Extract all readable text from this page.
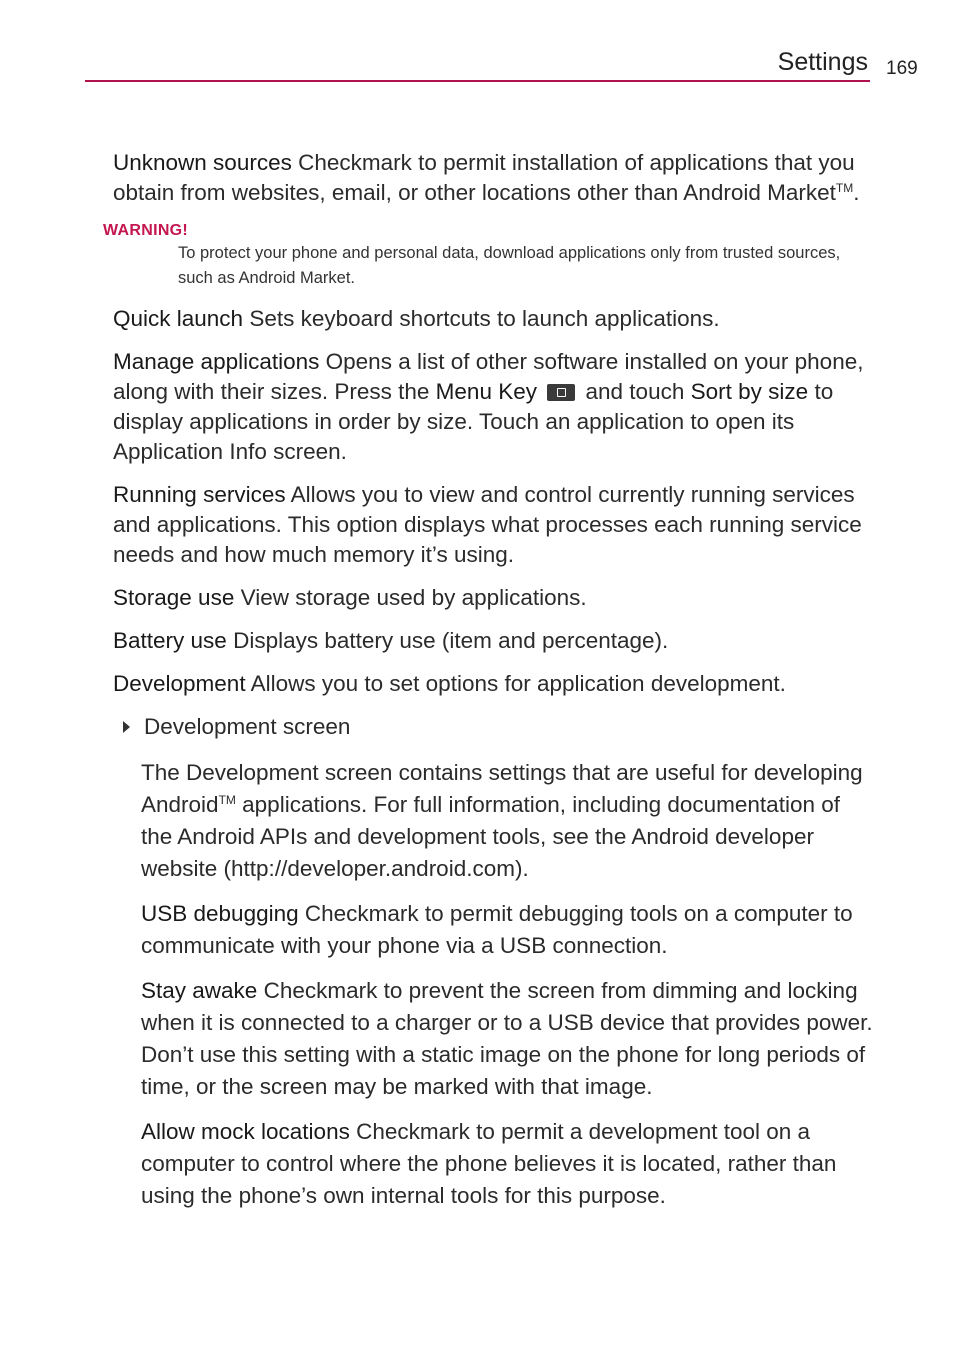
Settings 169

Unknown sources Checkmark to permit installation of applications that you obtain from websites, email, or other locations other than Android Market™.

WARNING!
To protect your phone and personal data, download applications only from trusted sources, such as Android Market.

Quick launch Sets keyboard shortcuts to launch applications.

Manage applications Opens a list of other software installed on your phone, along with their sizes. Press the Menu Key and touch Sort by size to display applications in order by size. Touch an application to open its Application Info screen.

Running services Allows you to view and control currently running services and applications. This option displays what processes each running service needs and how much memory it’s using.

Storage use View storage used by applications.

Battery use Displays battery use (item and percentage).

Development Allows you to set options for application development.

Development screen

The Development screen contains settings that are useful for developing Android™ applications. For full information, including documentation of the Android APIs and development tools, see the Android developer website (http://developer.android.com).

USB debugging Checkmark to permit debugging tools on a computer to communicate with your phone via a USB connection.

Stay awake Checkmark to prevent the screen from dimming and locking when it is connected to a charger or to a USB device that provides power. Don’t use this setting with a static image on the phone for long periods of time, or the screen may be marked with that image.

Allow mock locations Checkmark to permit a development tool on a computer to control where the phone believes it is located, rather than using the phone’s own internal tools for this purpose.
